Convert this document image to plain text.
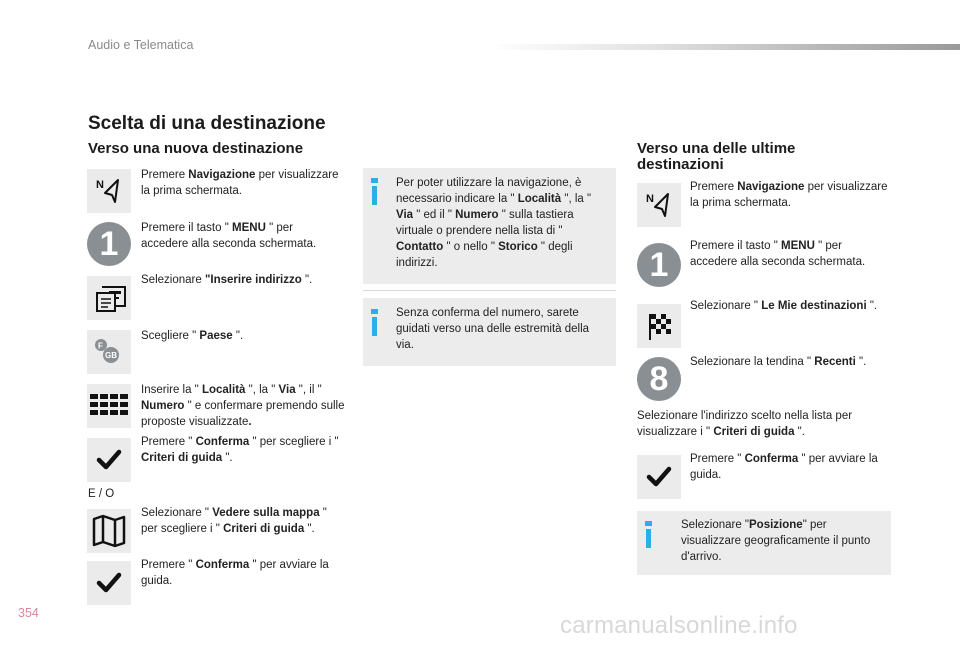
Audio e Telematica
Scelta di una destinazione
Verso una nuova destinazione
N
Premere Navigazione per visualizzare la prima schermata.
1	Premere il tasto " MENU " per accedere alla seconda schermata.
Selezionare "Inserire indirizzo ".
F
GB
Scegliere " Paese ".
Inserire la " Località ", la " Via ", il " Numero " e confermare premendo sulle proposte visualizzate.
Premere " Conferma " per scegliere i " Criteri di guida ".
E / O
Selezionare " Vedere sulla mappa " per scegliere i " Criteri di guida ".
Premere " Conferma " per avviare la guida.
Per poter utilizzare la navigazione, è necessario indicare la " Località ", la " Via " ed il " Numero " sulla tastiera virtuale o prendere nella lista di " Contatto " o nello " Storico " degli indirizzi.
Senza conferma del numero, sarete guidati verso una delle estremità della via.
Verso una delle ultime
destinazioni
N
Premere Navigazione per visualizzare la prima schermata.
1	Premere il tasto " MENU " per accedere alla seconda schermata.
Selezionare " Le Mie destinazioni ".
8	Selezionare la tendina " Recenti ".
Selezionare l'indirizzo scelto nella lista per visualizzare i " Criteri di guida ".
Premere " Conferma " per avviare la guida.
Selezionare "Posizione" per visualizzare geograficamente il punto d'arrivo.
354	carmanualsonline.info
